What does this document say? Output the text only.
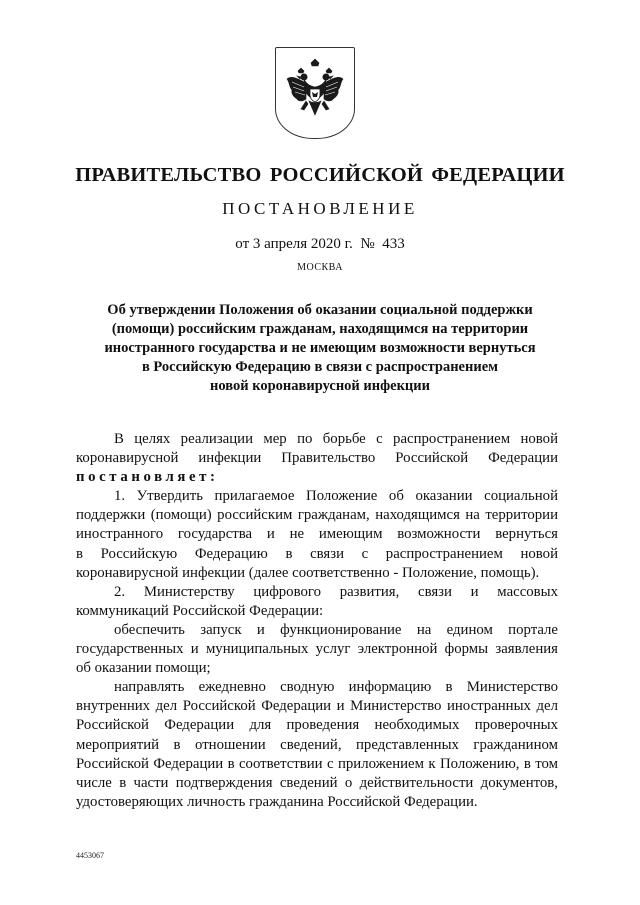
ПРАВИТЕЛЬСТВО РОССИЙСКОЙ ФЕДЕРАЦИИ
ПОСТАНОВЛЕНИЕ
от 3 апреля 2020 г.  №  433
МОСКВА
Об утверждении Положения об оказании социальной поддержки
(помощи) российским гражданам, находящимся на территории
иностранного государства и не имеющим возможности вернуться
в Российскую Федерацию в связи с распространением
новой коронавирусной инфекции
В целях реализации мер по борьбе с распространением новой
коронавирусной инфекции Правительство Российской Федерации
постановляет:
1. Утвердить прилагаемое Положение об оказании социальной
поддержки (помощи) российским гражданам, находящимся на территории
иностранного государства и не имеющим возможности вернуться
в Российскую Федерацию в связи с распространением новой
коронавирусной инфекции (далее соответственно - Положение, помощь).
2. Министерству цифрового развития, связи и массовых
коммуникаций Российской Федерации:
обеспечить запуск и функционирование на едином портале
государственных и муниципальных услуг электронной формы заявления
об оказании помощи;
направлять ежедневно сводную информацию в Министерство
внутренних дел Российской Федерации и Министерство иностранных дел
Российской Федерации для проведения необходимых проверочных
мероприятий в отношении сведений, представленных гражданином
Российской Федерации в соответствии с приложением к Положению, в том
числе в части подтверждения сведений о действительности документов,
удостоверяющих личность гражданина Российской Федерации.
4453067
